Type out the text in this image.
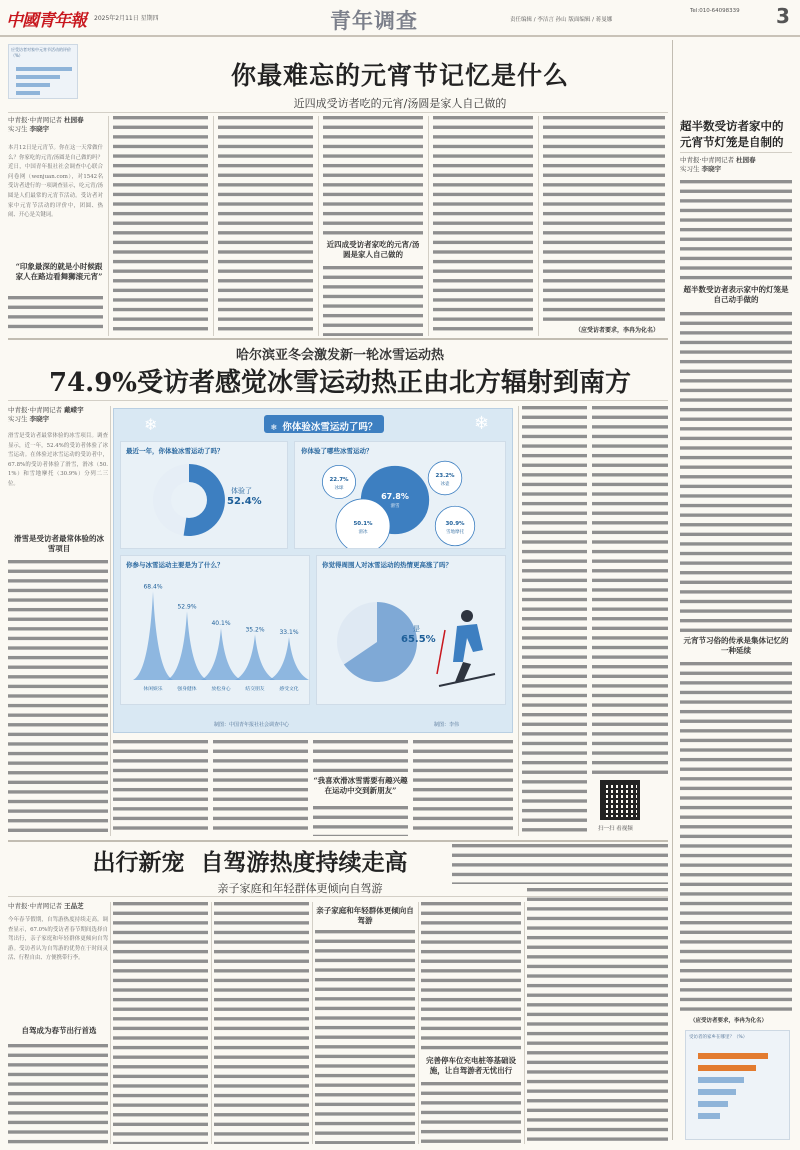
中國青年報 2025年2月11日 星期四	青年调查	责任编辑 / 李洁言 孙山 版面编辑 / 蒋曼娜
Tel:010-64098339 3
应受访者对家中元宵节活动的评价（%）
你最难忘的元宵节记忆是什么
近四成受访者吃的元宵/汤圆是家人自己做的
中青报·中青网记者 杜园春
实习生 李晓宇
本月12日是元宵节。你在这一天常做什么？你家吃的元宵/汤圆是自己做的吗？近日，中国青年报社社会调查中心联合问卷网（wenjuan.com），对1542名受访者进行的一项调查显示，吃元宵/汤圆是人们最常的元宵节活动。受访者对家中元宵节活动的评价中，团圆、热闹、开心是关键词。
“印象最深的就是小时候跟家人在路边看舞狮滚元宵”
近四成受访者家吃的元宵/汤圆是家人自己做的
（应受访者要求，李冉为化名）
超半数受访者家中的元宵节灯笼是自制的
中青报·中青网记者 杜园春
实习生 李晓宇
超半数受访者表示家中的灯笼是自己动手做的
元宵节习俗的传承是集体记忆的一种延续
（应受访者要求，李冉为化名）
受访者的家乡在哪里？（%）
哈尔滨亚冬会激发新一轮冰雪运动热
74.9%受访者感觉冰雪运动热正由北方辐射到南方
中青报·中青网记者 戴嵘宇
实习生 李晓宇
滑雪是受访者最常体验的冰雪项目。调查显示，近一年，52.4%的受访者体验了冰雪运动。在体验过冰雪运动的受访者中，67.8%的受访者体验了滑雪，滑冰（50.1%）和雪地摩托（30.9%）分列二三位。
滑雪是受访者最常体验的冰雪项目
❄ 你体验冰雪运动了吗？
❄	❄
最近一年，你体验冰雪运动了吗？
体验了
52.4%
你体验了哪些冰雪运动？
67.8%
滑雪
50.1%
滑冰
30.9%
雪地摩托
23.2%
冰壶
22.7%
冰球
你参与冰雪运动主要是为了什么？
68.4%
休闲娱乐
52.9%
强身健体
40.1%
放松身心
35.2%
结交朋友
33.1%
感受文化
你觉得周围人对冰雪运动的热情更高涨了吗？
是
65.5%
制图：中国青年报社社会调查中心	制图：李伟
“我喜欢滑冰雪需要有趣兴趣在运动中交到新朋友”
扫一扫 看视频
出行新宠  自驾游热度持续走高
亲子家庭和年轻群体更倾向自驾游
中青报·中青网记者 王品芝
今年春节假期，自驾游热度持续走高。调查显示，67.0%的受访者春节期间选择自驾出行，亲子家庭和年轻群体更倾向自驾游。受访者认为自驾游的优势在于时间灵活、行程自由、方便携带行李。
自驾成为春节出行首选
亲子家庭和年轻群体更倾向自驾游
完善停车位充电桩等基础设施，让自驾游者无忧出行
